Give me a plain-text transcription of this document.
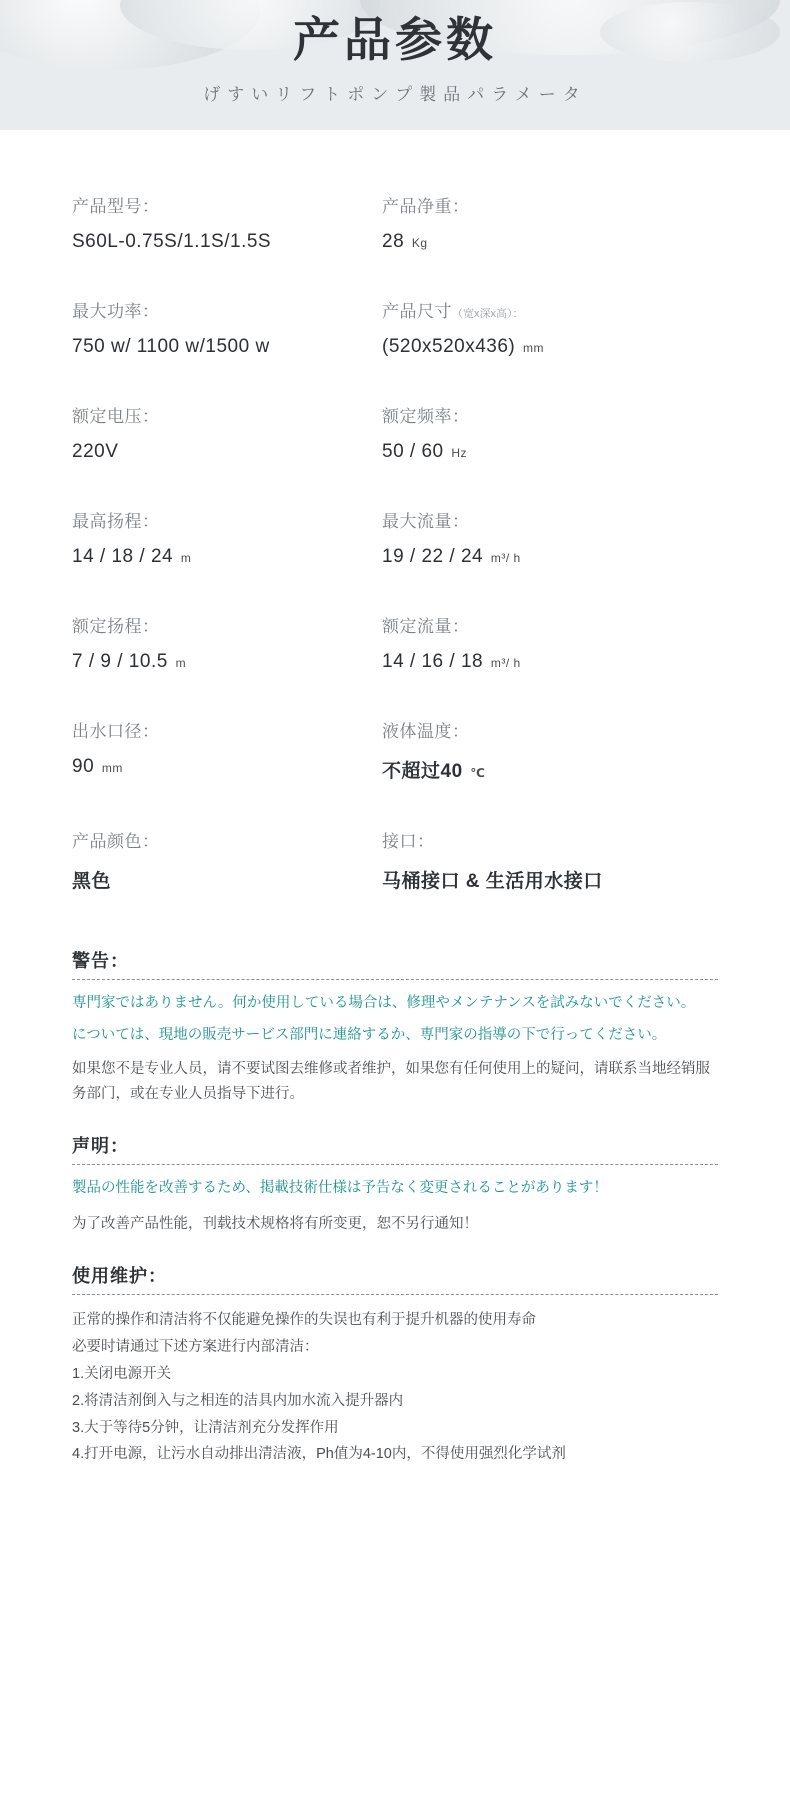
产品参数
げすいリフトポンプ製品パラメータ
产品型号：
S60L-0.75S/1.1S/1.5S
产品净重：
28 Kg
最大功率：
750 w/ 1100 w/1500 w
产品尺寸（宽x深x高）：
(520x520x436) mm
额定电压：
220V
额定频率：
50 / 60 Hz
最高扬程：
14 / 18 / 24 m
最大流量：
19 / 22 / 24 m³/ h
额定扬程：
7 / 9 / 10.5 m
额定流量：
14 / 16 / 18 m³/ h
出水口径：
90 mm
液体温度：
不超过40 ℃
产品颜色：
黑色
接口：
马桶接口 & 生活用水接口
警告：
専門家ではありません。何か使用している場合は、修理やメンテナンスを試みないでください。
については、現地の販売サービス部門に連絡するか、専門家の指導の下で行ってください。
如果您不是专业人员，请不要试图去维修或者维护，如果您有任何使用上的疑问，请联系当地经销服务部门，或在专业人员指导下进行。
声明：
製品の性能を改善するため、掲載技術仕様は予告なく変更されることがあります！
为了改善产品性能，刊载技术规格将有所变更，恕不另行通知！
使用维护：
正常的操作和清洁将不仅能避免操作的失误也有利于提升机器的使用寿命
必要时请通过下述方案进行内部清洁：
1.关闭电源开关
2.将清洁剂倒入与之相连的洁具内加水流入提升器内
3.大于等待5分钟，让清洁剂充分发挥作用
4.打开电源，让污水自动排出清洁液，Ph值为4-10内，不得使用强烈化学试剂
